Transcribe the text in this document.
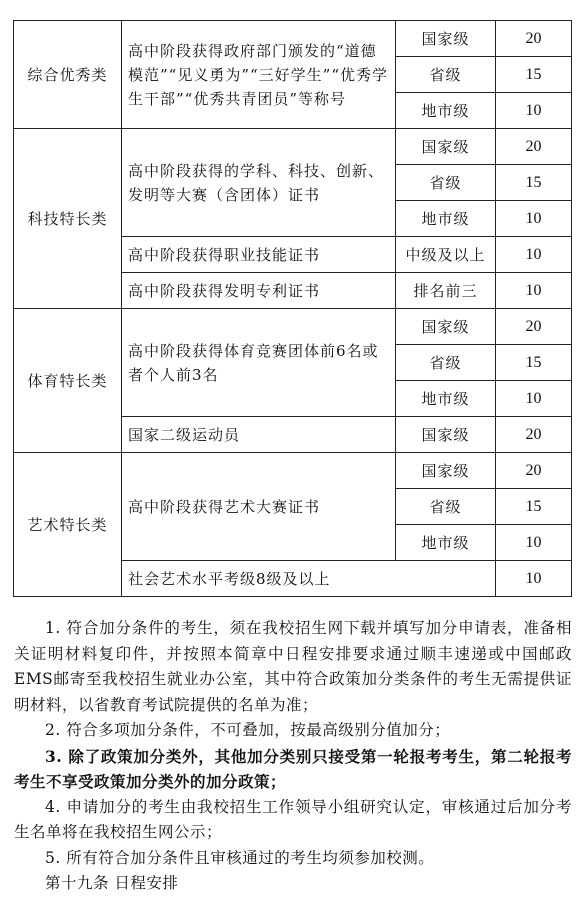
综合优秀类	高中阶段获得政府部门颁发的“道德模范”“见义勇为”“三好学生”“优秀学生干部”“优秀共青团员”等称号	国家级	20
		省级	15
		地市级	10
科技特长类	高中阶段获得的学科、科技、创新、发明等大赛（含团体）证书	国家级	20
		省级	15
		地市级	10
	高中阶段获得职业技能证书	中级及以上	10
	高中阶段获得发明专利证书	排名前三	10
体育特长类	高中阶段获得体育竞赛团体前6名或者个人前3名	国家级	20
		省级	15
		地市级	10
	国家二级运动员	国家级	20
艺术特长类	高中阶段获得艺术大赛证书	国家级	20
		省级	15
		地市级	10
	社会艺术水平考级8级及以上		10

1. 符合加分条件的考生，须在我校招生网下载并填写加分申请表，准备相关证明材料复印件，并按照本简章中日程安排要求通过顺丰速递或中国邮政EMS邮寄至我校招生就业办公室，其中符合政策加分类条件的考生无需提供证明材料，以省教育考试院提供的名单为准；

2. 符合多项加分条件，不可叠加，按最高级别分值加分；

3. 除了政策加分类外，其他加分类别只接受第一轮报考考生，第二轮报考考生不享受政策加分类外的加分政策；

4. 申请加分的考生由我校招生工作领导小组研究认定，审核通过后加分考生名单将在我校招生网公示；

5. 所有符合加分条件且审核通过的考生均须参加校测。

第十九条 日程安排
